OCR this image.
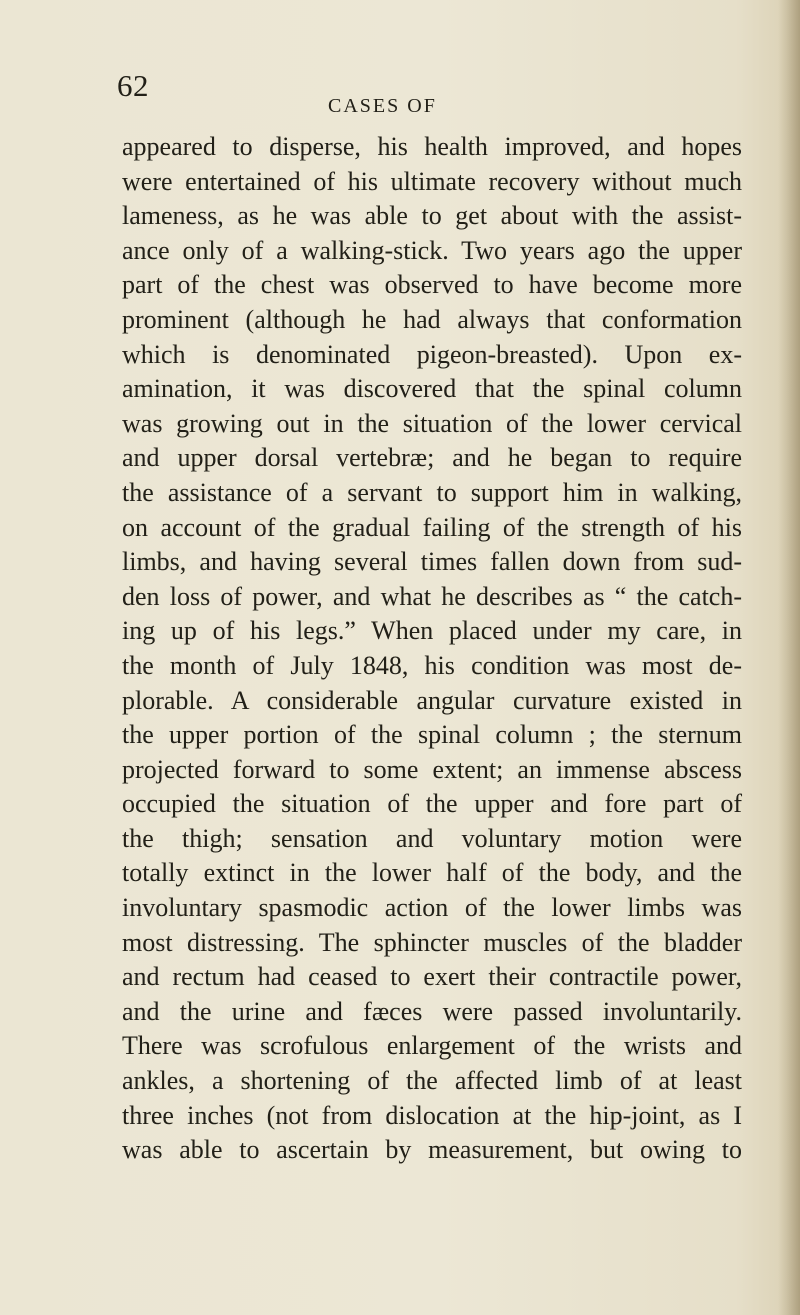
62
CASES OF
appeared to disperse, his health improved, and hopes
were entertained of his ultimate recovery without much
lameness, as he was able to get about with the assist-
ance only of a walking-stick. Two years ago the upper
part of the chest was observed to have become more
prominent (although he had always that conformation
which is denominated pigeon-breasted). Upon ex-
amination, it was discovered that the spinal column
was growing out in the situation of the lower cervical
and upper dorsal vertebræ; and he began to require
the assistance of a servant to support him in walking,
on account of the gradual failing of the strength of his
limbs, and having several times fallen down from sud-
den loss of power, and what he describes as “ the catch-
ing up of his legs.” When placed under my care, in
the month of July 1848, his condition was most de-
plorable. A considerable angular curvature existed in
the upper portion of the spinal column ; the sternum
projected forward to some extent; an immense abscess
occupied the situation of the upper and fore part of
the thigh; sensation and voluntary motion were
totally extinct in the lower half of the body, and the
involuntary spasmodic action of the lower limbs was
most distressing. The sphincter muscles of the bladder
and rectum had ceased to exert their contractile power,
and the urine and fæces were passed involuntarily.
There was scrofulous enlargement of the wrists and
ankles, a shortening of the affected limb of at least
three inches (not from dislocation at the hip-joint, as I
was able to ascertain by measurement, but owing to
